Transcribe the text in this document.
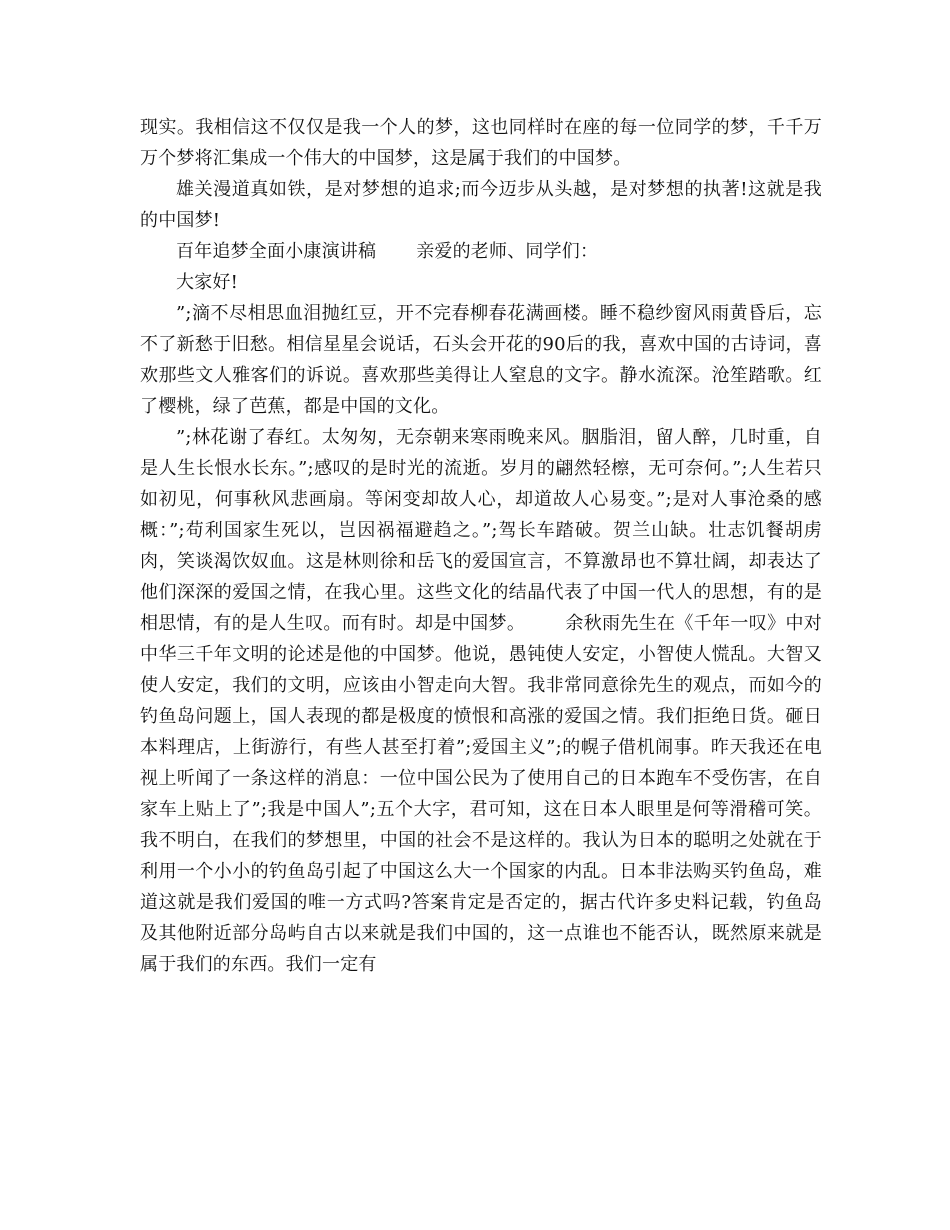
现实。我相信这不仅仅是我一个人的梦，这也同样时在座的每一位同学的梦，千千万万个梦将汇集成一个伟大的中国梦，这是属于我们的中国梦。

雄关漫道真如铁，是对梦想的追求;而今迈步从头越，是对梦想的执著!这就是我的中国梦!

百年追梦全面小康演讲稿 亲爱的老师、同学们：

大家好!

”;滴不尽相思血泪抛红豆，开不完春柳春花满画楼。睡不稳纱窗风雨黄昏后，忘不了新愁于旧愁。相信星星会说话，石头会开花的90后的我，喜欢中国的古诗词，喜欢那些文人雅客们的诉说。喜欢那些美得让人窒息的文字。静水流深。沧笙踏歌。红了樱桃，绿了芭蕉，都是中国的文化。

”;林花谢了春红。太匆匆，无奈朝来寒雨晚来风。胭脂泪，留人醉，几时重，自是人生长恨水长东。”;感叹的是时光的流逝。岁月的翩然轻檫，无可奈何。”;人生若只如初见，何事秋风悲画扇。等闲变却故人心，却道故人心易变。”;是对人事沧桑的感概：”;苟利国家生死以，岂因祸福避趋之。”;驾长车踏破。贺兰山缺。壮志饥餐胡虏肉，笑谈渴饮奴血。这是林则徐和岳飞的爱国宣言，不算激昂也不算壮阔，却表达了他们深深的爱国之情，在我心里。这些文化的结晶代表了中国一代人的思想，有的是相思情，有的是人生叹。而有时。却是中国梦。 余秋雨先生在《千年一叹》中对中华三千年文明的论述是他的中国梦。他说，愚钝使人安定，小智使人慌乱。大智又使人安定，我们的文明，应该由小智走向大智。我非常同意徐先生的观点，而如今的钓鱼岛问题上，国人表现的都是极度的愤恨和高涨的爱国之情。我们拒绝日货。砸日本料理店，上街游行，有些人甚至打着”;爱国主义”;的幌子借机闹事。昨天我还在电视上听闻了一条这样的消息：一位中国公民为了使用自己的日本跑车不受伤害，在自家车上贴上了”;我是中国人”;五个大字，君可知，这在日本人眼里是何等滑稽可笑。我不明白，在我们的梦想里，中国的社会不是这样的。我认为日本的聪明之处就在于利用一个小小的钓鱼岛引起了中国这么大一个国家的内乱。日本非法购买钓鱼岛，难道这就是我们爱国的唯一方式吗?答案肯定是否定的，据古代许多史料记载，钓鱼岛及其他附近部分岛屿自古以来就是我们中国的，这一点谁也不能否认，既然原来就是属于我们的东西。我们一定有
